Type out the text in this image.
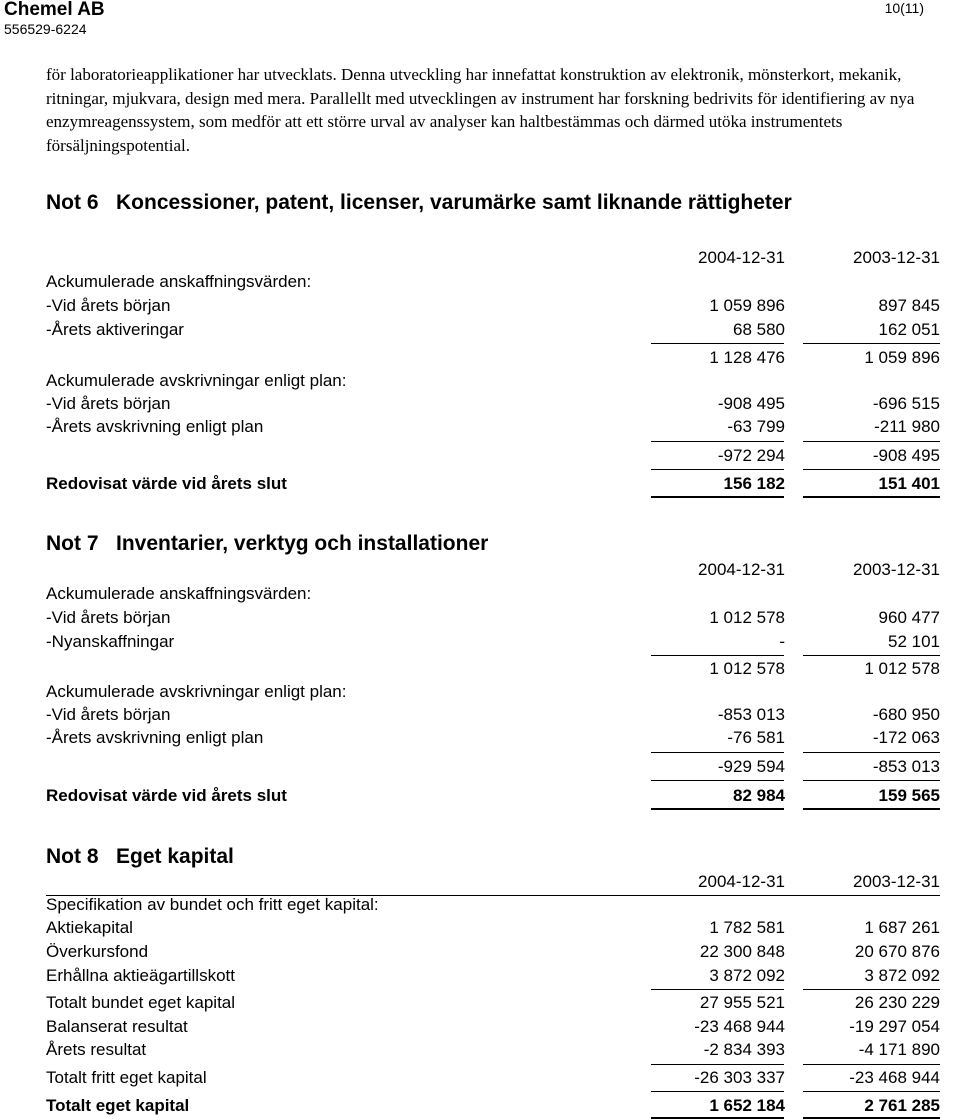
Chemel AB
556529-6224
10(11)
för laboratorieapplikationer har utvecklats. Denna utveckling har innefattat konstruktion av elektronik, mönsterkort, mekanik, ritningar, mjukvara, design med mera. Parallellt med utvecklingen av instrument har forskning bedrivits för identifiering av nya enzymreagenssystem, som medför att ett större urval av analyser kan haltbestämmas och därmed utöka instrumentets försäljningspotential.
Not 6 Koncessioner, patent, licenser, varumärke samt liknande rättigheter
2004-12-31	2003-12-31
Ackumulerade anskaffningsvärden:
-Vid årets början	1 059 896	897 845
-Årets aktiveringar	68 580	162 051
1 128 476	1 059 896
Ackumulerade avskrivningar enligt plan:
-Vid årets början	-908 495	-696 515
-Årets avskrivning enligt plan	-63 799	-211 980
-972 294	-908 495
Redovisat värde vid årets slut	156 182	151 401
Not 7 Inventarier, verktyg och installationer
2004-12-31	2003-12-31
Ackumulerade anskaffningsvärden:
-Vid årets början	1 012 578	960 477
-Nyanskaffningar	-	52 101
1 012 578	1 012 578
Ackumulerade avskrivningar enligt plan:
-Vid årets början	-853 013	-680 950
-Årets avskrivning enligt plan	-76 581	-172 063
-929 594	-853 013
Redovisat värde vid årets slut	82 984	159 565
Not 8 Eget kapital
2004-12-31	2003-12-31
Specifikation av bundet och fritt eget kapital:
Aktiekapital	1 782 581	1 687 261
Överkursfond	22 300 848	20 670 876
Erhållna aktieägartillskott	3 872 092	3 872 092
Totalt bundet eget kapital	27 955 521	26 230 229
Balanserat resultat	-23 468 944	-19 297 054
Årets resultat	-2 834 393	-4 171 890
Totalt fritt eget kapital	-26 303 337	-23 468 944
Totalt eget kapital	1 652 184	2 761 285
